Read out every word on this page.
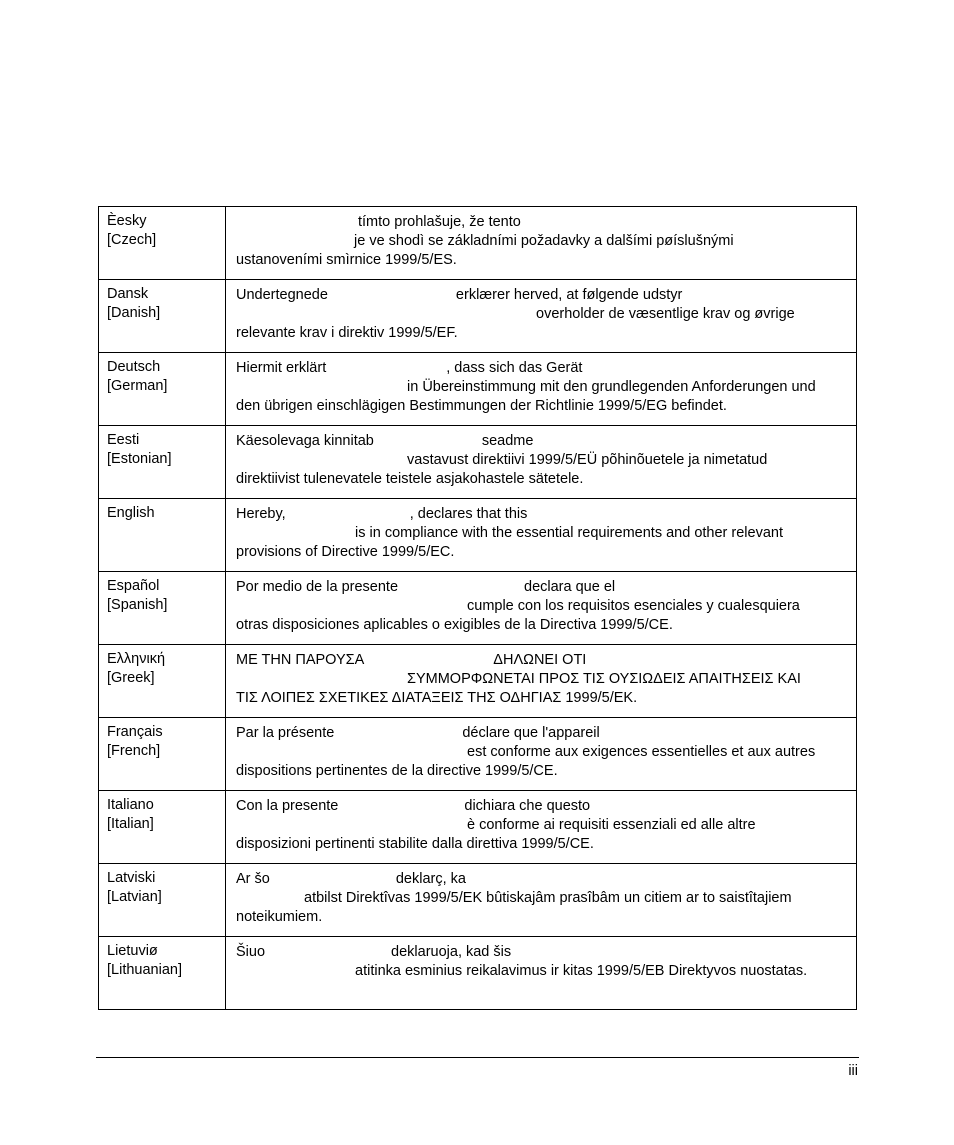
Èesky
[Czech]	tímto prohlašuje, že tento
je ve shodì se základními požadavky a dalšími pøíslušnými
ustanoveními smìrnice 1999/5/ES.

Dansk
[Danish]	Undertegnede erklærer herved, at følgende udstyr
overholder de væsentlige krav og øvrige
relevante krav i direktiv 1999/5/EF.

Deutsch
[German]	Hiermit erklärt , dass sich das Gerät
in Übereinstimmung mit den grundlegenden Anforderungen und
den übrigen einschlägigen Bestimmungen der Richtlinie 1999/5/EG befindet.

Eesti
[Estonian]	Käesolevaga kinnitab seadme
vastavust direktiivi 1999/5/EÜ põhinõuetele ja nimetatud
direktiivist tulenevatele teistele asjakohastele sätetele.

English	Hereby, , declares that this
is in compliance with the essential requirements and other relevant
provisions of Directive 1999/5/EC.

Español
[Spanish]	Por medio de la presente declara que el
cumple con los requisitos esenciales y cualesquiera
otras disposiciones aplicables o exigibles de la Directiva 1999/5/CE.

Ελληνική
[Greek]	ΜΕ ΤΗΝ ΠΑΡΟΥΣΑ ΔΗΛΩΝΕΙ ΟΤΙ
ΣΥΜΜΟΡΦΩΝΕΤΑΙ ΠΡΟΣ ΤΙΣ ΟΥΣΙΩΔΕΙΣ ΑΠΑΙΤΗΣΕΙΣ ΚΑΙ
ΤΙΣ ΛΟΙΠΕΣ ΣΧΕΤΙΚΕΣ ΔΙΑΤΑΞΕΙΣ ΤΗΣ ΟΔΗΓΙΑΣ 1999/5/ΕΚ.

Français
[French]	Par la présente déclare que l'appareil
est conforme aux exigences essentielles et aux autres
dispositions pertinentes de la directive 1999/5/CE.

Italiano
[Italian]	Con la presente dichiara che questo
è conforme ai requisiti essenziali ed alle altre
disposizioni pertinenti stabilite dalla direttiva 1999/5/CE.

Latviski
[Latvian]	Ar šo deklarç, ka
atbilst Direktîvas 1999/5/EK bûtiskajâm prasîbâm un citiem ar to saistîtajiem
noteikumiem.

Lietuviø
[Lithuanian]	Šiuo deklaruoja, kad šis
atitinka esminius reikalavimus ir kitas 1999/5/EB Direktyvos nuostatas.
iii
